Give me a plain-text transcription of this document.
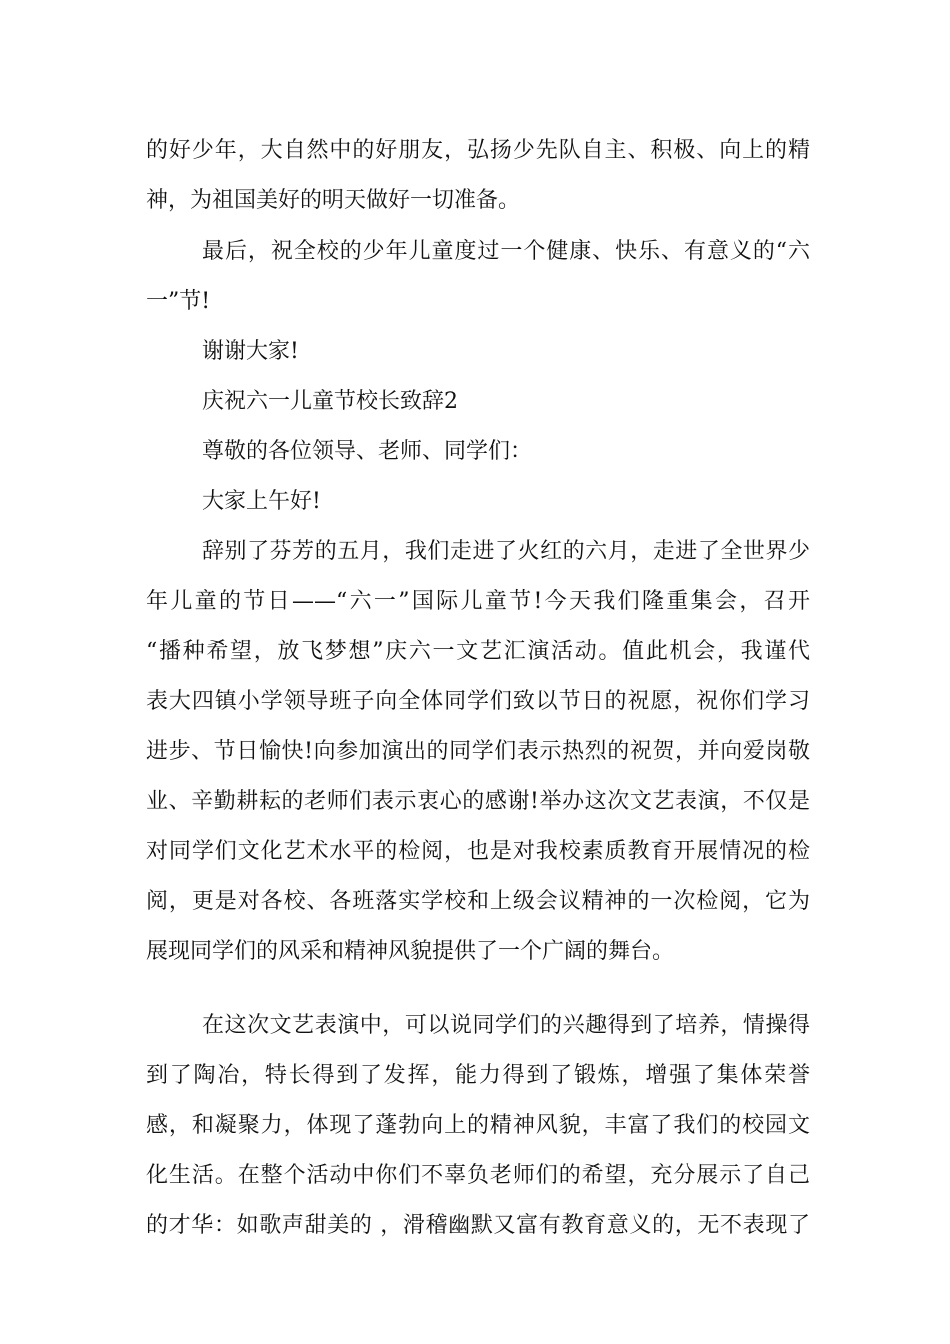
的好少年，大自然中的好朋友，弘扬少先队自主、积极、向上的精
神，为祖国美好的明天做好一切准备。
最后，祝全校的少年儿童度过一个健康、快乐、有意义的“六
一”节!
谢谢大家!
庆祝六一儿童节校长致辞2
尊敬的各位领导、老师、同学们：
大家上午好!
辞别了芬芳的五月，我们走进了火红的六月，走进了全世界少
年儿童的节日——“六一”国际儿童节!今天我们隆重集会，召开
“播种希望，放飞梦想”庆六一文艺汇演活动。值此机会，我谨代
表大四镇小学领导班子向全体同学们致以节日的祝愿，祝你们学习
进步、节日愉快!向参加演出的同学们表示热烈的祝贺，并向爱岗敬
业、辛勤耕耘的老师们表示衷心的感谢!举办这次文艺表演，不仅是
对同学们文化艺术水平的检阅，也是对我校素质教育开展情况的检
阅，更是对各校、各班落实学校和上级会议精神的一次检阅，它为
展现同学们的风采和精神风貌提供了一个广阔的舞台。
在这次文艺表演中，可以说同学们的兴趣得到了培养，情操得
到了陶冶，特长得到了发挥，能力得到了锻炼，增强了集体荣誉
感，和凝聚力，体现了蓬勃向上的精神风貌，丰富了我们的校园文
化生活。在整个活动中你们不辜负老师们的希望，充分展示了自己
的才华：如歌声甜美的 ，滑稽幽默又富有教育意义的，无不表现了
